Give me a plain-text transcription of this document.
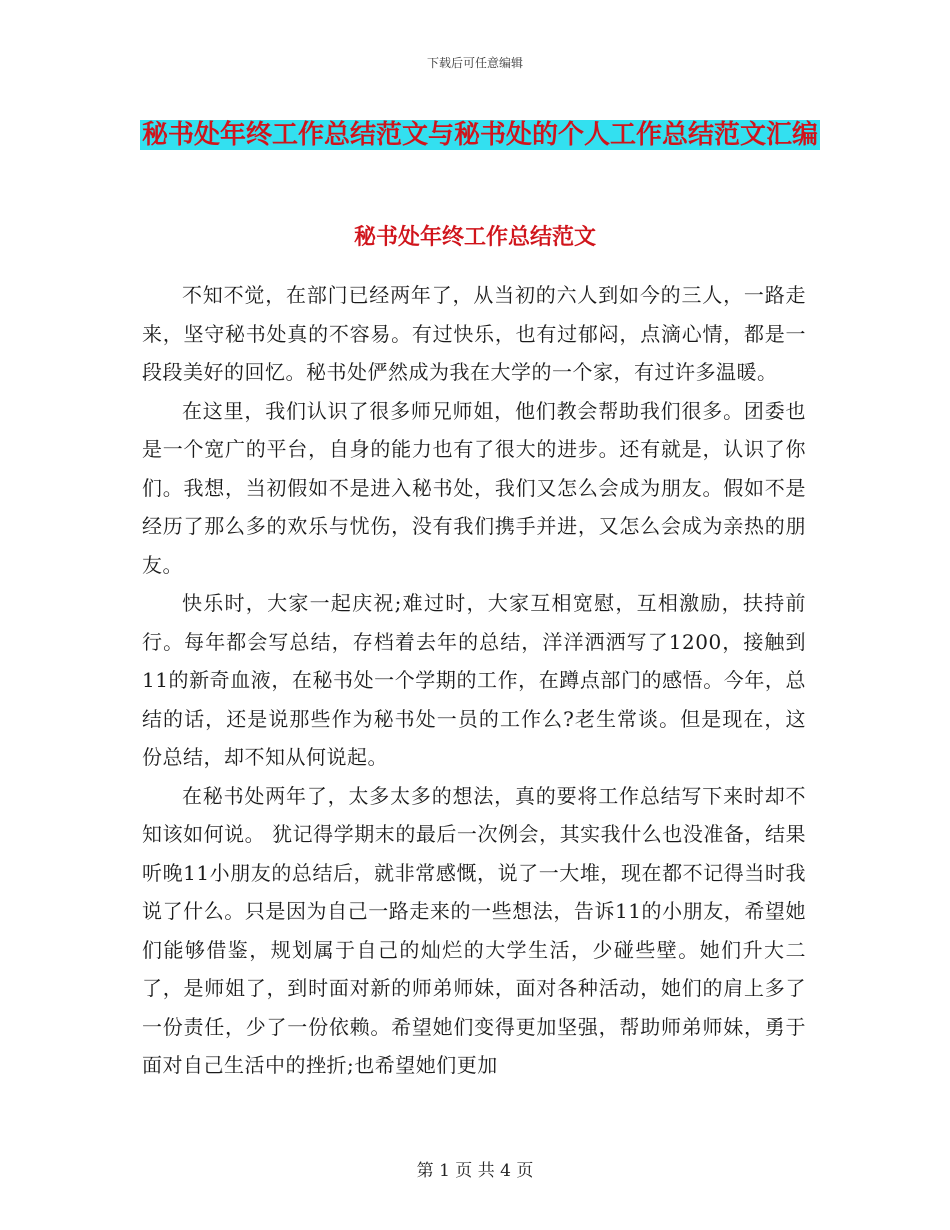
下载后可任意编辑
秘书处年终工作总结范文与秘书处的个人工作总结范文汇编
秘书处年终工作总结范文

不知不觉，在部门已经两年了，从当初的六人到如今的三人，一路走来，坚守秘书处真的不容易。有过快乐，也有过郁闷，点滴心情，都是一段段美好的回忆。秘书处俨然成为我在大学的一个家，有过许多温暖。

在这里，我们认识了很多师兄师姐，他们教会帮助我们很多。团委也是一个宽广的平台，自身的能力也有了很大的进步。还有就是，认识了你们。我想，当初假如不是进入秘书处，我们又怎么会成为朋友。假如不是经历了那么多的欢乐与忧伤，没有我们携手并进，又怎么会成为亲热的朋友。

快乐时，大家一起庆祝;难过时，大家互相宽慰，互相激励，扶持前行。每年都会写总结，存档着去年的总结，洋洋洒洒写了1200，接触到11的新奇血液，在秘书处一个学期的工作，在蹲点部门的感悟。今年，总结的话，还是说那些作为秘书处一员的工作么?老生常谈。但是现在，这份总结，却不知从何说起。

在秘书处两年了，太多太多的想法，真的要将工作总结写下来时却不知该如何说。 犹记得学期末的最后一次例会，其实我什么也没准备，结果听晚11小朋友的总结后，就非常感慨，说了一大堆，现在都不记得当时我说了什么。只是因为自己一路走来的一些想法，告诉11的小朋友，希望她们能够借鉴，规划属于自己的灿烂的大学生活，少碰些壁。她们升大二了，是师姐了，到时面对新的师弟师妹，面对各种活动，她们的肩上多了一份责任，少了一份依赖。希望她们变得更加坚强，帮助师弟师妹，勇于面对自己生活中的挫折;也希望她们更加

第 1 页 共 4 页
